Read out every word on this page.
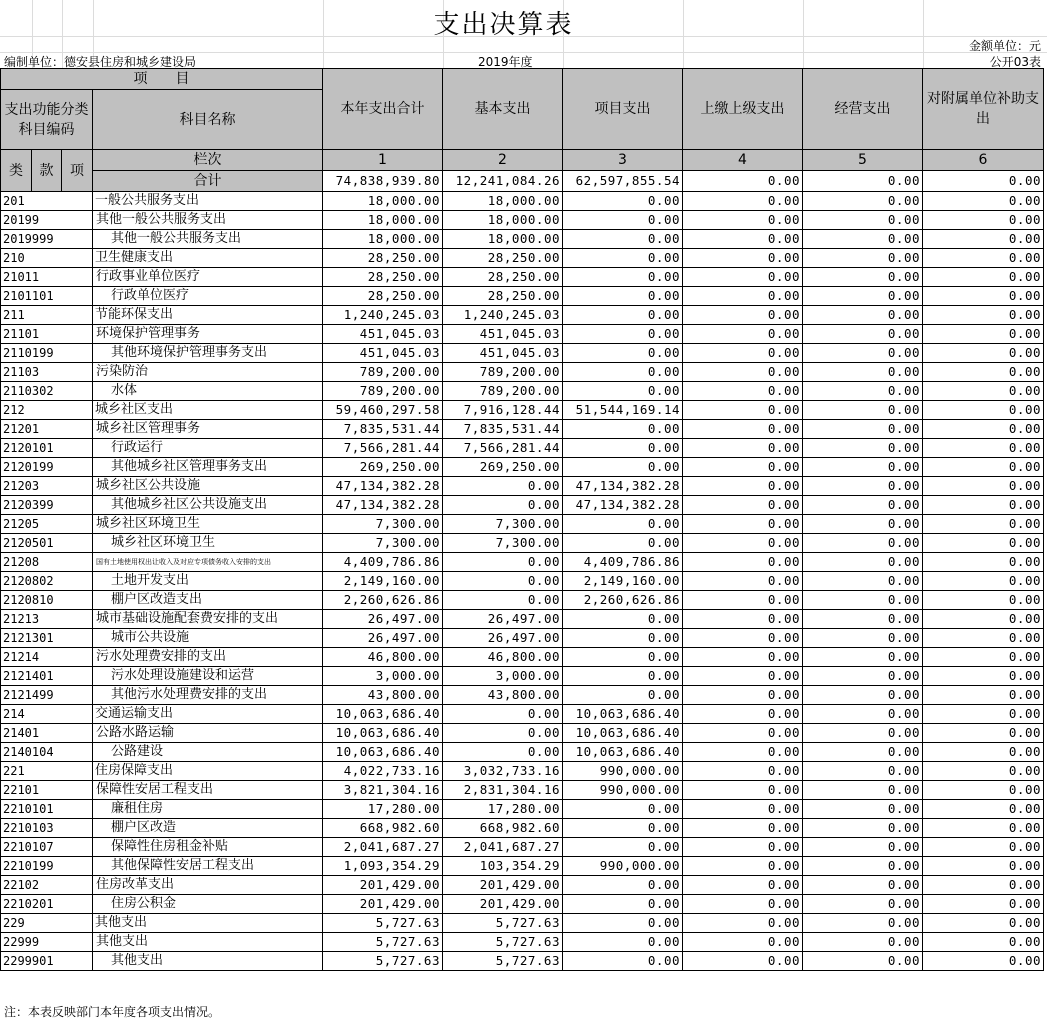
支出决算表
金额单位：元
编制单位：德安县住房和城乡建设局	2019年度	公开03表
项　　目				本年支出合计	基本支出	项目支出	上缴上级支出	经营支出	对附属单位补助支出
支出功能分类科目编码			科目名称						

类	款	项	栏次	1	2	3	4	5	6
			合计	74,838,939.80	12,241,084.26	62,597,855.54	0.00	0.00	0.00
201			一般公共服务支出	18,000.00	18,000.00	0.00	0.00	0.00	0.00
20199			其他一般公共服务支出	18,000.00	18,000.00	0.00	0.00	0.00	0.00
2019999			其他一般公共服务支出	18,000.00	18,000.00	0.00	0.00	0.00	0.00
210			卫生健康支出	28,250.00	28,250.00	0.00	0.00	0.00	0.00
21011			行政事业单位医疗	28,250.00	28,250.00	0.00	0.00	0.00	0.00
2101101			行政单位医疗	28,250.00	28,250.00	0.00	0.00	0.00	0.00
211			节能环保支出	1,240,245.03	1,240,245.03	0.00	0.00	0.00	0.00
21101			环境保护管理事务	451,045.03	451,045.03	0.00	0.00	0.00	0.00
2110199			其他环境保护管理事务支出	451,045.03	451,045.03	0.00	0.00	0.00	0.00
21103			污染防治	789,200.00	789,200.00	0.00	0.00	0.00	0.00
2110302			水体	789,200.00	789,200.00	0.00	0.00	0.00	0.00
212			城乡社区支出	59,460,297.58	7,916,128.44	51,544,169.14	0.00	0.00	0.00
21201			城乡社区管理事务	7,835,531.44	7,835,531.44	0.00	0.00	0.00	0.00
2120101			行政运行	7,566,281.44	7,566,281.44	0.00	0.00	0.00	0.00
2120199			其他城乡社区管理事务支出	269,250.00	269,250.00	0.00	0.00	0.00	0.00
21203			城乡社区公共设施	47,134,382.28	0.00	47,134,382.28	0.00	0.00	0.00
2120399			其他城乡社区公共设施支出	47,134,382.28	0.00	47,134,382.28	0.00	0.00	0.00
21205			城乡社区环境卫生	7,300.00	7,300.00	0.00	0.00	0.00	0.00
2120501			城乡社区环境卫生	7,300.00	7,300.00	0.00	0.00	0.00	0.00
21208			国有土地使用权出让收入及对应专项债务收入安排的支出	4,409,786.86	0.00	4,409,786.86	0.00	0.00	0.00
2120802			土地开发支出	2,149,160.00	0.00	2,149,160.00	0.00	0.00	0.00
2120810			棚户区改造支出	2,260,626.86	0.00	2,260,626.86	0.00	0.00	0.00
21213			城市基础设施配套费安排的支出	26,497.00	26,497.00	0.00	0.00	0.00	0.00
2121301			城市公共设施	26,497.00	26,497.00	0.00	0.00	0.00	0.00
21214			污水处理费安排的支出	46,800.00	46,800.00	0.00	0.00	0.00	0.00
2121401			污水处理设施建设和运营	3,000.00	3,000.00	0.00	0.00	0.00	0.00
2121499			其他污水处理费安排的支出	43,800.00	43,800.00	0.00	0.00	0.00	0.00
214			交通运输支出	10,063,686.40	0.00	10,063,686.40	0.00	0.00	0.00
21401			公路水路运输	10,063,686.40	0.00	10,063,686.40	0.00	0.00	0.00
2140104			公路建设	10,063,686.40	0.00	10,063,686.40	0.00	0.00	0.00
221			住房保障支出	4,022,733.16	3,032,733.16	990,000.00	0.00	0.00	0.00
22101			保障性安居工程支出	3,821,304.16	2,831,304.16	990,000.00	0.00	0.00	0.00
2210101			廉租住房	17,280.00	17,280.00	0.00	0.00	0.00	0.00
2210103			棚户区改造	668,982.60	668,982.60	0.00	0.00	0.00	0.00
2210107			保障性住房租金补贴	2,041,687.27	2,041,687.27	0.00	0.00	0.00	0.00
2210199			其他保障性安居工程支出	1,093,354.29	103,354.29	990,000.00	0.00	0.00	0.00
22102			住房改革支出	201,429.00	201,429.00	0.00	0.00	0.00	0.00
2210201			住房公积金	201,429.00	201,429.00	0.00	0.00	0.00	0.00
229			其他支出	5,727.63	5,727.63	0.00	0.00	0.00	0.00
22999			其他支出	5,727.63	5,727.63	0.00	0.00	0.00	0.00
2299901			其他支出	5,727.63	5,727.63	0.00	0.00	0.00	0.00
注：本表反映部门本年度各项支出情况。
